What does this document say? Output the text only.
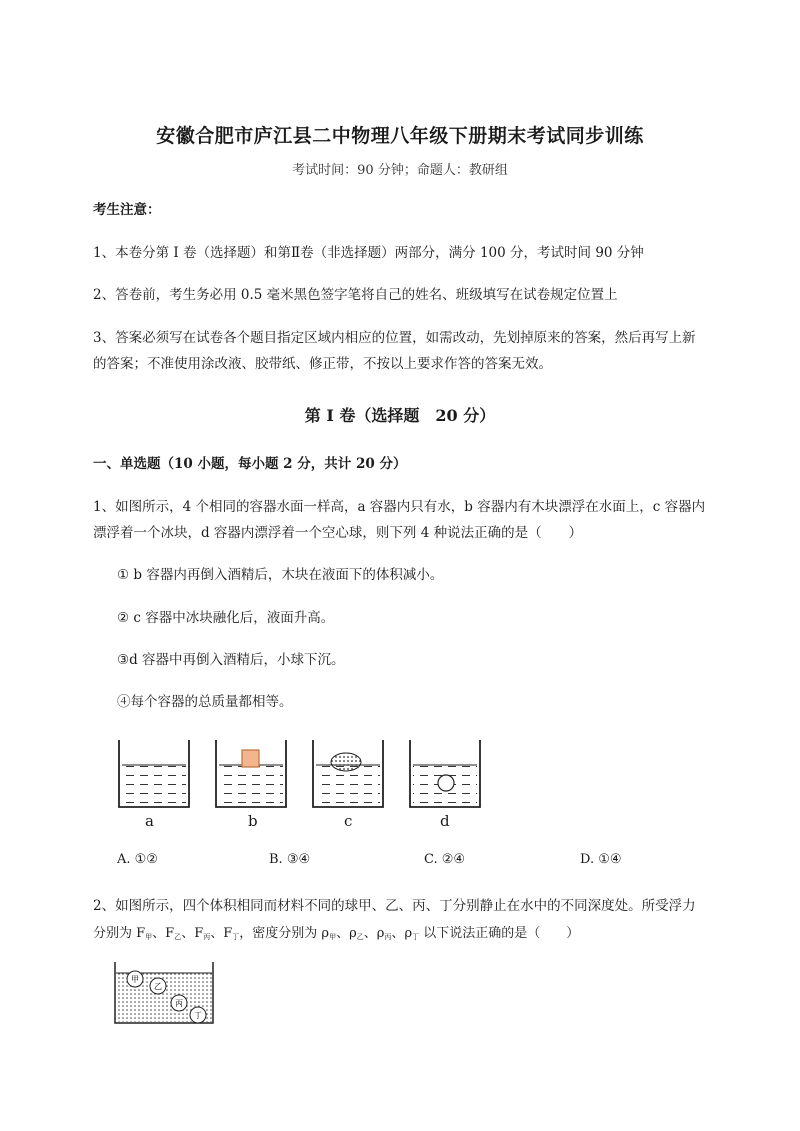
安徽合肥市庐江县二中物理八年级下册期末考试同步训练
考试时间：90 分钟；命题人：教研组
考生注意：
1、本卷分第 I 卷（选择题）和第Ⅱ卷（非选择题）两部分，满分 100 分，考试时间 90 分钟
2、答卷前，考生务必用 0.5 毫米黑色签字笔将自己的姓名、班级填写在试卷规定位置上
3、答案必须写在试卷各个题目指定区域内相应的位置，如需改动，先划掉原来的答案，然后再写上新
的答案；不准使用涂改液、胶带纸、修正带，不按以上要求作答的答案无效。
第 I 卷（选择题　20 分）
一、单选题（10 小题，每小题 2 分，共计 20 分）
1、如图所示，4 个相同的容器水面一样高，a 容器内只有水，b 容器内有木块漂浮在水面上，c 容器内
漂浮着一个冰块，d 容器内漂浮着一个空心球，则下列 4 种说法正确的是（　　）
① b 容器内再倒入酒精后，木块在液面下的体积减小。
② c 容器中冰块融化后，液面升高。
③d 容器中再倒入酒精后，小球下沉。
④每个容器的总质量都相等。
a	b	c	d
A. ①②	B. ③④	C. ②④	D. ①④
2、如图所示，四个体积相同而材料不同的球甲、乙、丙、丁分别静止在水中的不同深度处。所受浮力
分别为 $F_甲$、$F_乙$、$F_丙$、$F_丁$，密度分别为 $\rho_甲$、$\rho_乙$、$\rho_丙$、$\rho_丁$ 以下说法正确的是（　　）
甲
乙
丙
丁
